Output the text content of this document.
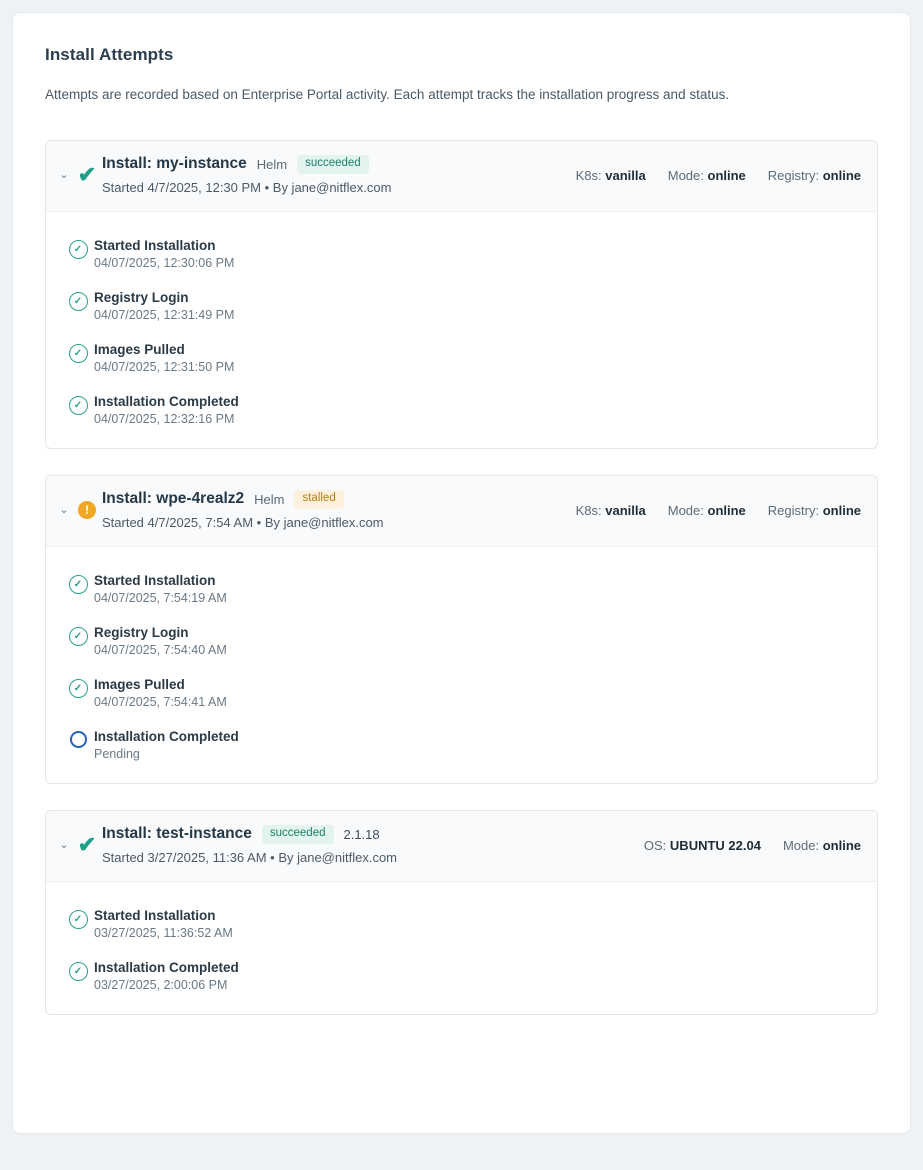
Install Attempts
Attempts are recorded based on Enterprise Portal activity. Each attempt tracks the installation progress and status.
⌄ ✔ Install: my-instance Helm	succeeded
Started 4/7/2025, 12:30 PM • By jane@nitflex.com
K8s: vanilla Mode: online Registry: online
✓ Started Installation
04/07/2025, 12:30:06 PM
✓ Registry Login
04/07/2025, 12:31:49 PM
✓ Images Pulled
04/07/2025, 12:31:50 PM
✓ Installation Completed
04/07/2025, 12:32:16 PM
⌄	!
Install: wpe-4realz2 Helm	stalled
Started 4/7/2025, 7:54 AM • By jane@nitflex.com
K8s: vanilla Mode: online Registry: online
✓ Started Installation
04/07/2025, 7:54:19 AM
✓ Registry Login
04/07/2025, 7:54:40 AM
✓ Images Pulled
04/07/2025, 7:54:41 AM
Installation Completed
Pending
⌄ ✔ Install: test-instance	succeeded	2.1.18
Started 3/27/2025, 11:36 AM • By jane@nitflex.com
OS: UBUNTU 22.04 Mode: online
✓ Started Installation
03/27/2025, 11:36:52 AM
✓ Installation Completed
03/27/2025, 2:00:06 PM
